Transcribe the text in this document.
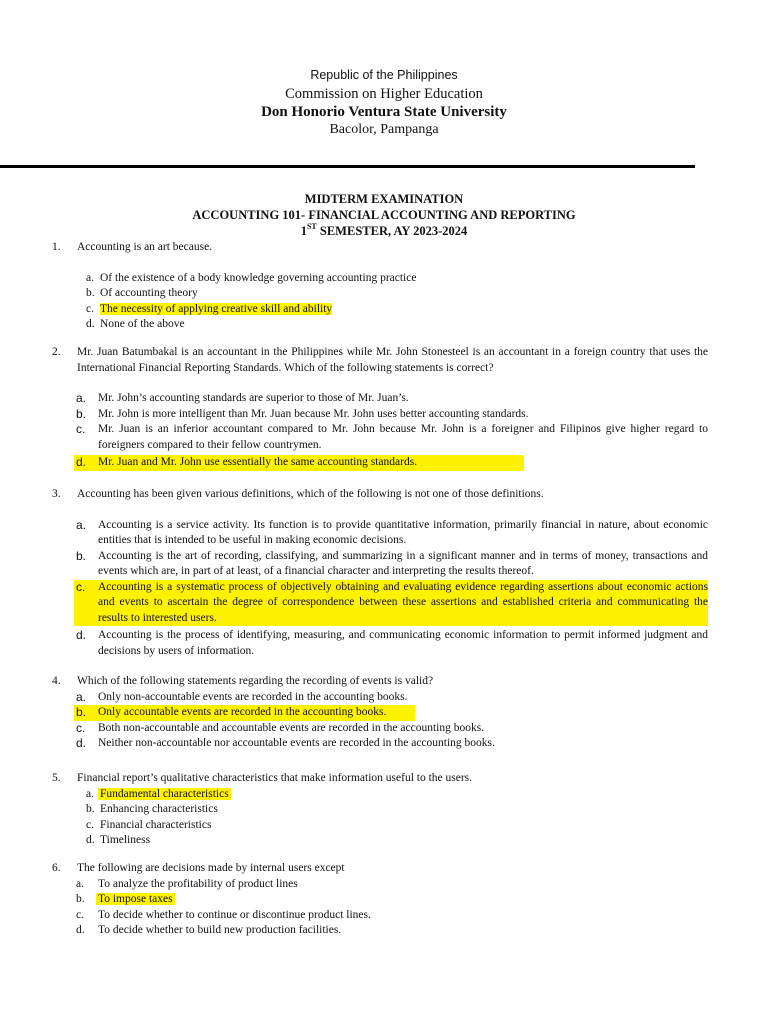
Republic of the Philippines
Commission on Higher Education
Don Honorio Ventura State University
Bacolor, Pampanga
MIDTERM EXAMINATION
ACCOUNTING 101- FINANCIAL ACCOUNTING AND REPORTING
1ST SEMESTER, AY 2023-2024
1.	Accounting is an art because.
a. Of the existence of a body knowledge governing accounting practice
b. Of accounting theory
c. The necessity of applying creative skill and ability
d. None of the above
2.	Mr. Juan Batumbakal is an accountant in the Philippines while Mr. John Stonesteel is an accountant in a foreign country that uses the International Financial Reporting Standards. Which of the following statements is correct?
a.	Mr. John’s accounting standards are superior to those of Mr. Juan’s.
b.	Mr. John is more intelligent than Mr. Juan because Mr. John uses better accounting standards.
c.	Mr. Juan is an inferior accountant compared to Mr. John because Mr. John is a foreigner and Filipinos give higher regard to foreigners compared to their fellow countrymen.
d.	Mr. Juan and Mr. John use essentially the same accounting standards.
3.	Accounting has been given various definitions, which of the following is not one of those definitions.
a.	Accounting is a service activity. Its function is to provide quantitative information, primarily financial in nature, about economic entities that is intended to be useful in making economic decisions.
b.	Accounting is the art of recording, classifying, and summarizing in a significant manner and in terms of money, transactions and events which are, in part of at least, of a financial character and interpreting the results thereof.
c.	Accounting is a systematic process of objectively obtaining and evaluating evidence regarding assertions about economic actions and events to ascertain the degree of correspondence between these assertions and established criteria and communicating the results to interested users.
d.	Accounting is the process of identifying, measuring, and communicating economic information to permit informed judgment and decisions by users of information.
4.	Which of the following statements regarding the recording of events is valid?
a.	Only non-accountable events are recorded in the accounting books.
b.	Only accountable events are recorded in the accounting books.
c.	Both non-accountable and accountable events are recorded in the accounting books.
d.	Neither non-accountable nor accountable events are recorded in the accounting books.
5.	Financial report’s qualitative characteristics that make information useful to the users.
a. Fundamental characteristics
b. Enhancing characteristics
c. Financial characteristics
d. Timeliness
6.	The following are decisions made by internal users except
a.	To analyze the profitability of product lines
b.	To impose taxes
c.	To decide whether to continue or discontinue product lines.
d.	To decide whether to build new production facilities.
